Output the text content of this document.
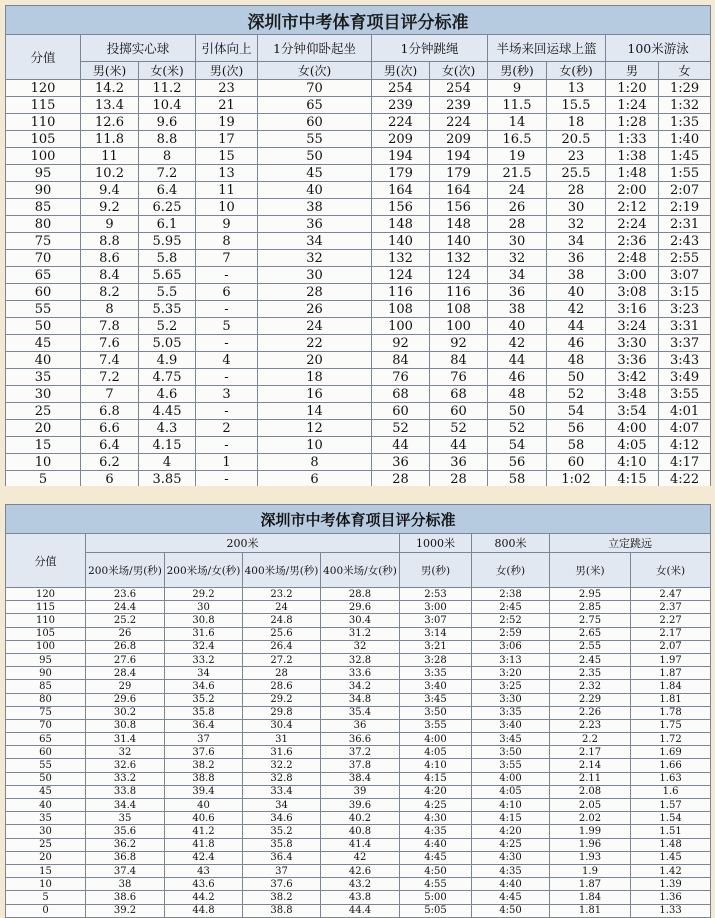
深圳市中考体育项目评分标准										
分值	投掷实心球		引体向上	1分钟仰卧起坐	1分钟跳绳		半场来回运球上篮		100米游泳	
	男(米)	女(米)	男(次)	女(次)	男(次)	女(次)	男(秒)	女(秒)	男	女
120	14.2	11.2	23	70	254	254	9	13	1:20	1:29
115	13.4	10.4	21	65	239	239	11.5	15.5	1:24	1:32
110	12.6	9.6	19	60	224	224	14	18	1:28	1:35
105	11.8	8.8	17	55	209	209	16.5	20.5	1:33	1:40
100	11	8	15	50	194	194	19	23	1:38	1:45
95	10.2	7.2	13	45	179	179	21.5	25.5	1:48	1:55
90	9.4	6.4	11	40	164	164	24	28	2:00	2:07
85	9.2	6.25	10	38	156	156	26	30	2:12	2:19
80	9	6.1	9	36	148	148	28	32	2:24	2:31
75	8.8	5.95	8	34	140	140	30	34	2:36	2:43
70	8.6	5.8	7	32	132	132	32	36	2:48	2:55
65	8.4	5.65	-	30	124	124	34	38	3:00	3:07
60	8.2	5.5	6	28	116	116	36	40	3:08	3:15
55	8	5.35	-	26	108	108	38	42	3:16	3:23
50	7.8	5.2	5	24	100	100	40	44	3:24	3:31
45	7.6	5.05	-	22	92	92	42	46	3:30	3:37
40	7.4	4.9	4	20	84	84	44	48	3:36	3:43
35	7.2	4.75	-	18	76	76	46	50	3:42	3:49
30	7	4.6	3	16	68	68	48	52	3:48	3:55
25	6.8	4.45	-	14	60	60	50	54	3:54	4:01
20	6.6	4.3	2	12	52	52	52	56	4:00	4:07
15	6.4	4.15	-	10	44	44	54	58	4:05	4:12
10	6.2	4	1	8	36	36	56	60	4:10	4:17
5	6	3.85	-	6	28	28	58	1:02	4:15	4:22

深圳市中考体育项目评分标准								
分值	200米				1000米	800米	立定跳远	
	200米场/男(秒)	200米场/女(秒)	400米场/男(秒)	400米场/女(秒)	男(秒)	女(秒)	男(米)	女(米)
120	23.6	29.2	23.2	28.8	2:53	2:38	2.95	2.47
115	24.4	30	24	29.6	3:00	2:45	2.85	2.37
110	25.2	30.8	24.8	30.4	3:07	2:52	2.75	2.27
105	26	31.6	25.6	31.2	3:14	2:59	2.65	2.17
100	26.8	32.4	26.4	32	3:21	3:06	2.55	2.07
95	27.6	33.2	27.2	32.8	3:28	3:13	2.45	1.97
90	28.4	34	28	33.6	3:35	3:20	2.35	1.87
85	29	34.6	28.6	34.2	3:40	3:25	2.32	1.84
80	29.6	35.2	29.2	34.8	3:45	3:30	2.29	1.81
75	30.2	35.8	29.8	35.4	3:50	3:35	2.26	1.78
70	30.8	36.4	30.4	36	3:55	3:40	2.23	1.75
65	31.4	37	31	36.6	4:00	3:45	2.2	1.72
60	32	37.6	31.6	37.2	4:05	3:50	2.17	1.69
55	32.6	38.2	32.2	37.8	4:10	3:55	2.14	1.66
50	33.2	38.8	32.8	38.4	4:15	4:00	2.11	1.63
45	33.8	39.4	33.4	39	4:20	4:05	2.08	1.6
40	34.4	40	34	39.6	4:25	4:10	2.05	1.57
35	35	40.6	34.6	40.2	4:30	4:15	2.02	1.54
30	35.6	41.2	35.2	40.8	4:35	4:20	1.99	1.51
25	36.2	41.8	35.8	41.4	4:40	4:25	1.96	1.48
20	36.8	42.4	36.4	42	4:45	4:30	1.93	1.45
15	37.4	43	37	42.6	4:50	4:35	1.9	1.42
10	38	43.6	37.6	43.2	4:55	4:40	1.87	1.39
5	38.6	44.2	38.2	43.8	5:00	4:45	1.84	1.36
0	39.2	44.8	38.8	44.4	5:05	4:50	1.81	1.33
